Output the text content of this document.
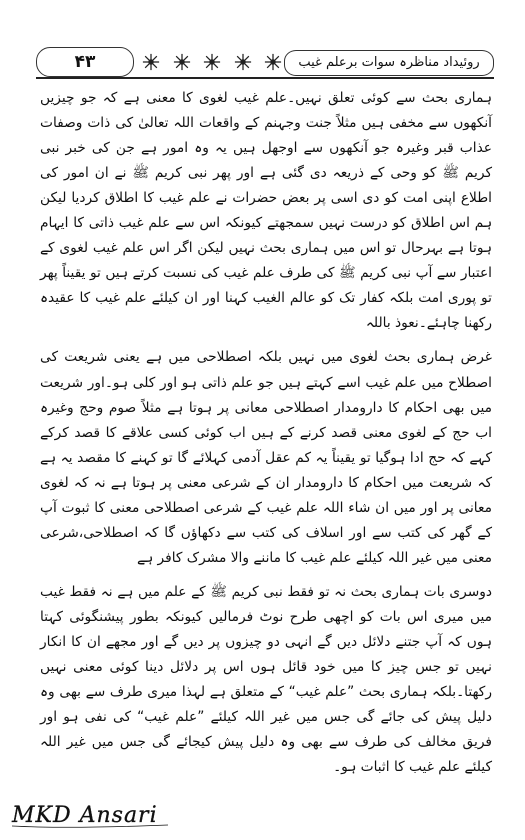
۴۳	روئیداد مناظرہ سوات برعلم غیب

ہماری بحث سے کوئی تعلق نہیں۔علم غیب لغوی کا معنی ہے کہ جو چیزیں آنکھوں سے مخفی ہیں مثلاً جنت وجہنم کے واقعات اللہ تعالیٰ کی ذات وصفات عذاب قبر وغیرہ جو آنکھوں سے اوجھل ہیں یہ وہ امور ہے جن کی خبر نبی کریم ﷺ کو وحی کے ذریعہ دی گئی ہے اور پھر نبی کریم ﷺ نے ان امور کی اطلاع اپنی امت کو دی اسی پر بعض حضرات نے علم غیب کا اطلاق کردیا لیکن ہم اس اطلاق کو درست نہیں سمجھتے کیونکہ اس سے علم غیب ذاتی کا ایہام ہوتا ہے بہرحال تو اس میں ہماری بحث نہیں لیکن اگر اس علم غیب لغوی کے اعتبار سے آپ نبی کریم ﷺ کی طرف علم غیب کی نسبت کرتے ہیں تو یقیناً پھر تو پوری امت بلکہ کفار تک کو عالم الغیب کہنا اور ان کیلئے علم غیب کا عقیدہ رکھنا چاہئے۔نعوذ باللہ

غرض ہماری بحث لغوی میں نہیں بلکہ اصطلاحی میں ہے یعنی شریعت کی اصطلاح میں علم غیب اسے کہتے ہیں جو علم ذاتی ہو اور کلی ہو۔اور شریعت میں بھی احکام کا دارومدار اصطلاحی معانی پر ہوتا ہے مثلاً صوم وحج وغیرہ اب حج کے لغوی معنی قصد کرنے کے ہیں اب کوئی کسی علاقے کا قصد کرکے کہے کہ حج ادا ہوگیا تو یقیناً یہ کم عقل آدمی کہلائے گا تو کہنے کا مقصد یہ ہے کہ شریعت میں احکام کا دارومدار ان کے شرعی معنی پر ہوتا ہے نہ کہ لغوی معانی پر اور میں ان شاء اللہ علم غیب کے شرعی اصطلاحی معنی کا ثبوت آپ کے گھر کی کتب سے اور اسلاف کی کتب سے دکھاؤں گا کہ اصطلاحی،شرعی معنی میں غیر اللہ کیلئے علم غیب کا ماننے والا مشرک کافر ہے

دوسری بات ہماری بحث نہ تو فقط نبی کریم ﷺ کے علم میں ہے نہ فقط غیب میں میری اس بات کو اچھی طرح نوٹ فرمالیں کیونکہ بطور پیشنگوئی کہتا ہوں کہ آپ جتنے دلائل دیں گے انہی دو چیزوں پر دیں گے اور مجھے ان کا انکار نہیں تو جس چیز کا میں خود قائل ہوں اس پر دلائل دینا کوئی معنی نہیں رکھتا۔بلکہ ہماری بحث ”علم غیب“ کے متعلق ہے لہذا میری طرف سے بھی وہ دلیل پیش کی جائے گی جس میں غیر اللہ کیلئے ”علم غیب“ کی نفی ہو اور فریق مخالف کی طرف سے بھی وہ دلیل پیش کیجائے گی جس میں غیر اللہ کیلئے علم غیب کا اثبات ہو۔

MKD Ansari
